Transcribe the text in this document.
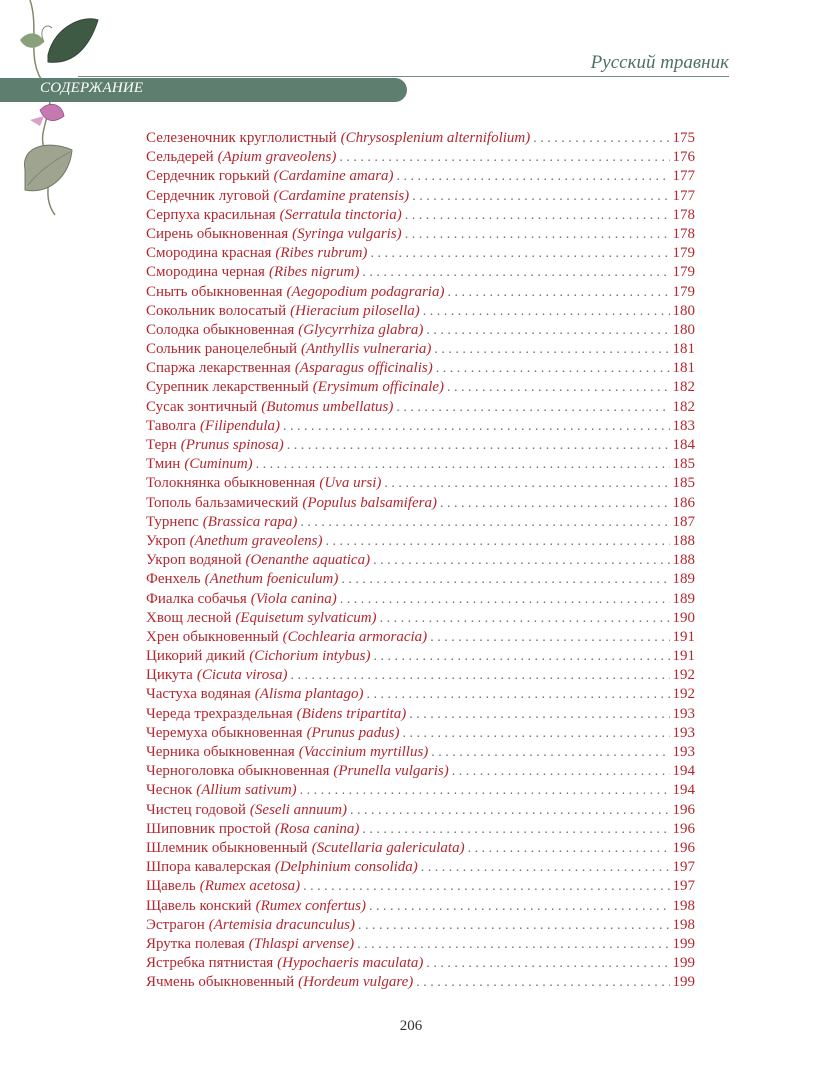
Русский травник
СОДЕРЖАНИЕ
Селезеночник круглолистный (Chrysosplenium alternifolium) . . .	175
Сельдерей (Apium graveolens) . . .	176
Сердечник горький (Cardamine amara) . . .	177
Сердечник луговой (Cardamine pratensis) . . .	177
Серпуха красильная (Serratula tinctoria) . . .	178
Сирень обыкновенная (Syringa vulgaris) . . .	178
Смородина красная (Ribes rubrum) . . .	179
Смородина черная (Ribes nigrum) . . .	179
Сныть обыкновенная (Aegopodium podagraria) . . .	179
Сокольник волосатый (Hieracium pilosella) . . .	180
Солодка обыкновенная (Glycyrrhiza glabra) . . .	180
Сольник ранoцелебный (Anthyllis vulneraria) . . .	181
Спаржа лекарственная (Asparagus officinalis) . . .	181
Сурепник лекарственный (Erysimum officinale) . . .	182
Сусак зонтичный (Butomus umbellatus) . . .	182
Таволга (Filipendula) . . .	183
Терн (Prunus spinosa) . . .	184
Тмин (Cuminum) . . .	185
Толокнянка обыкновенная (Uva ursi) . . .	185
Тополь бальзамический (Populus balsamifera) . . .	186
Турнепс (Brassica rapa) . . .	187
Укроп (Anethum graveolens) . . .	188
Укроп водяной (Oenanthe aquatica) . . .	188
Фенхель (Anethum foeniculum) . . .	189
Фиалка собачья (Viola canina) . . .	189
Хвощ лесной (Equisetum sylvaticum) . . .	190
Хрен обыкновенный (Cochlearia armoracia) . . .	191
Цикорий дикий (Cichorium intybus) . . .	191
Цикута (Cicuta virosa) . . .	192
Частуха водяная (Alisma plantago) . . .	192
Череда трехраздельная (Bidens tripartita) . . .	193
Черемуха обыкновенная (Prunus padus) . . .	193
Черника обыкновенная (Vaccinium myrtillus) . . .	193
Черноголовка обыкновенная (Prunella vulgaris) . . .	194
Чеснок (Allium sativum) . . .	194
Чистец годовой (Seseli annuum) . . .	196
Шиповник простой (Rosa canina) . . .	196
Шлемник обыкновенный (Scutellaria galericulata) . . .	196
Шпора кавалерская (Delphinium consolida) . . .	197
Щавель (Rumex acetosa) . . .	197
Щавель конский (Rumex confertus) . . .	198
Эстрагон (Artemisia dracunculus) . . .	198
Ярутка полевая (Thlaspi arvense) . . .	199
Ястребка пятнистая (Hypochaeris maculata) . . .	199
Ячмень обыкновенный (Hordeum vulgare) . . .	199
206
